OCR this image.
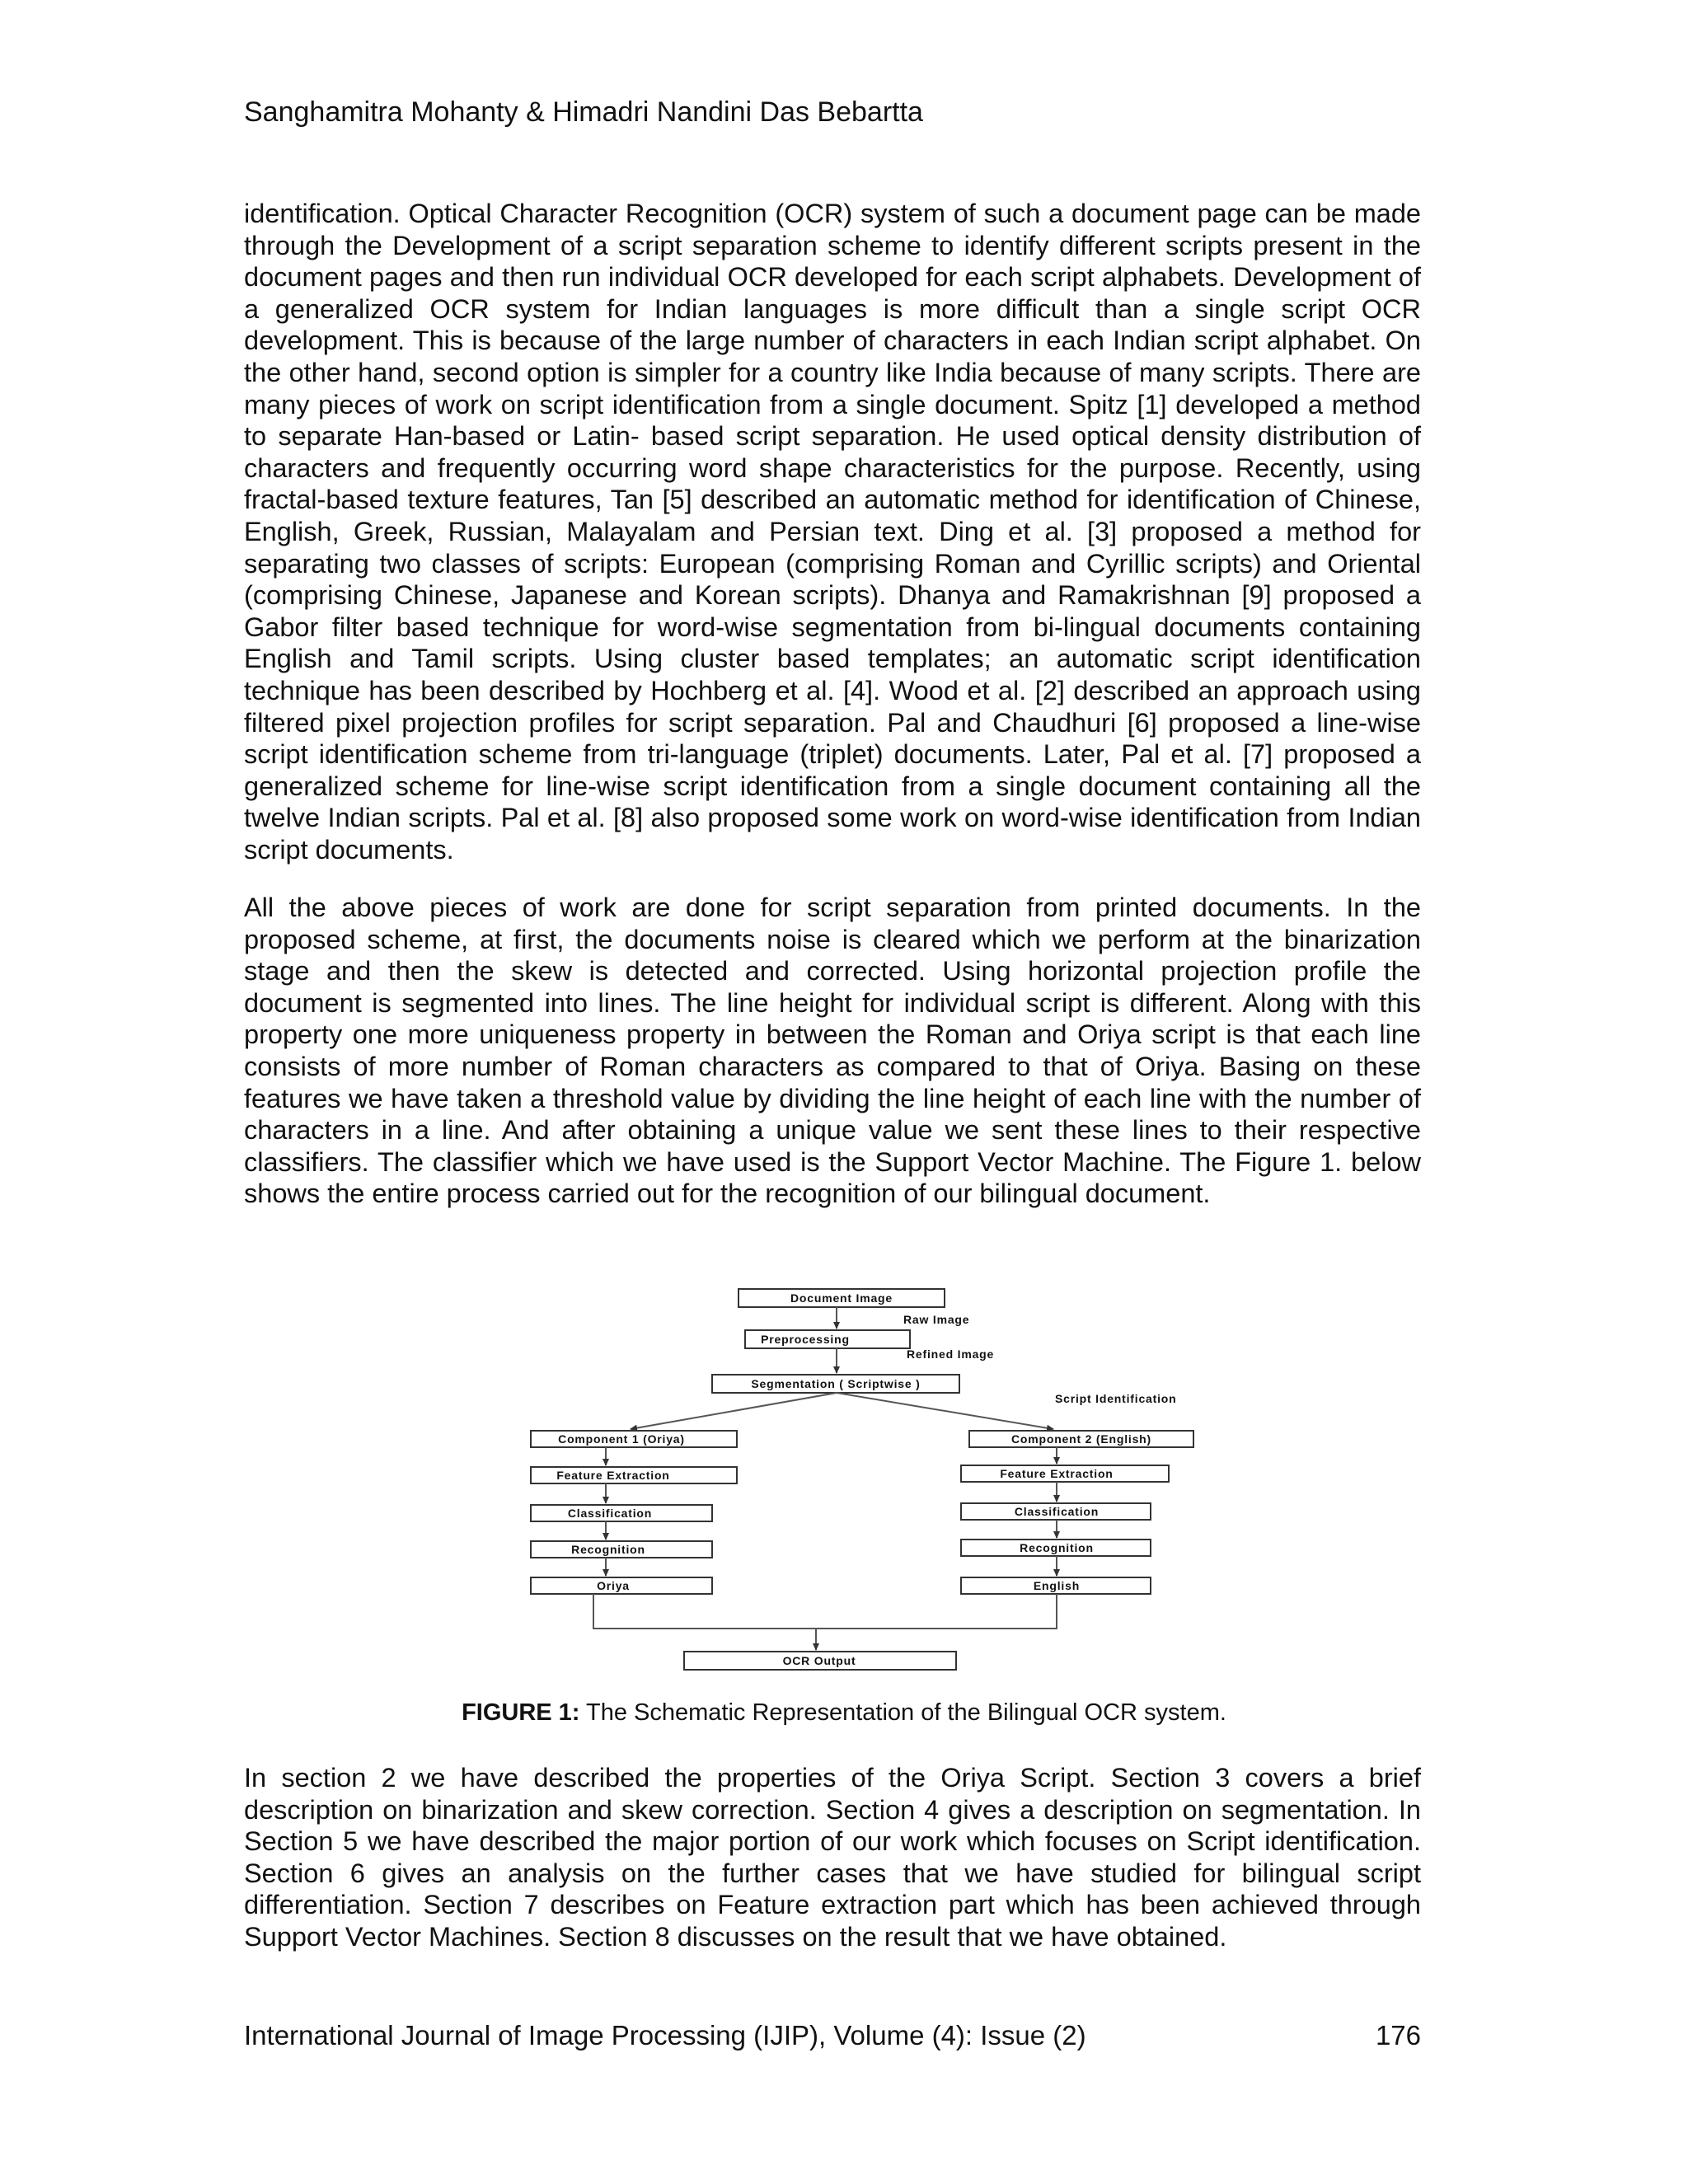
Sanghamitra Mohanty & Himadri Nandini Das Bebartta

identification. Optical Character Recognition (OCR) system of such a document page can be made through the Development of a script separation scheme to identify different scripts present in the document pages and then run individual OCR developed for each script alphabets. Development of a generalized OCR system for Indian languages is more difficult than a single script OCR development. This is because of the large number of characters in each Indian script alphabet. On the other hand, second option is simpler for a country like India because of many scripts. There are many pieces of work on script identification from a single document. Spitz [1] developed a method to separate Han-based or Latin- based script separation. He used optical density distribution of characters and frequently occurring word shape characteristics for the purpose. Recently, using fractal-based texture features, Tan [5] described an automatic method for identification of Chinese, English, Greek, Russian, Malayalam and Persian text. Ding et al. [3] proposed a method for separating two classes of scripts: European (comprising Roman and Cyrillic scripts) and Oriental (comprising Chinese, Japanese and Korean scripts). Dhanya and Ramakrishnan [9] proposed a Gabor filter based technique for word-wise segmentation from bi-lingual documents containing English and Tamil scripts. Using cluster based templates; an automatic script identification technique has been described by Hochberg et al. [4]. Wood et al. [2] described an approach using filtered pixel projection profiles for script separation. Pal and Chaudhuri [6] proposed a line-wise script identification scheme from tri-language (triplet) documents. Later, Pal et al. [7] proposed a generalized scheme for line-wise script identification from a single document containing all the twelve Indian scripts. Pal et al. [8] also proposed some work on word-wise identification from Indian script documents.

All the above pieces of work are done for script separation from printed documents. In the proposed scheme, at first, the documents noise is cleared which we perform at the binarization stage and then the skew is detected and corrected. Using horizontal projection profile the document is segmented into lines. The line height for individual script is different. Along with this property one more uniqueness property in between the Roman and Oriya script is that each line consists of more number of Roman characters as compared to that of Oriya. Basing on these features we have taken a threshold value by dividing the line height of each line with the number of characters in a line. And after obtaining a unique value we sent these lines to their respective classifiers. The classifier which we have used is the Support Vector Machine. The Figure 1. below shows the entire process carried out for the recognition of our bilingual document.

Document Image
Raw Image
Preprocessing
Refined Image
Segmentation ( Scriptwise )
Script Identification
Component 1 (Oriya)
Feature Extraction
Classification
Recognition
Oriya
Component 2 (English)
Feature Extraction
Classification
Recognition
English
OCR Output
FIGURE 1: The Schematic Representation of the Bilingual OCR system.

In section 2 we have described the properties of the Oriya Script. Section 3 covers a brief description on binarization and skew correction. Section 4 gives a description on segmentation. In Section 5 we have described the major portion of our work which focuses on Script identification. Section 6 gives an analysis on the further cases that we have studied for bilingual script differentiation. Section 7 describes on Feature extraction part which has been achieved through Support Vector Machines. Section 8 discusses on the result that we have obtained.

International Journal of Image Processing (IJIP), Volume (4): Issue (2)	176
